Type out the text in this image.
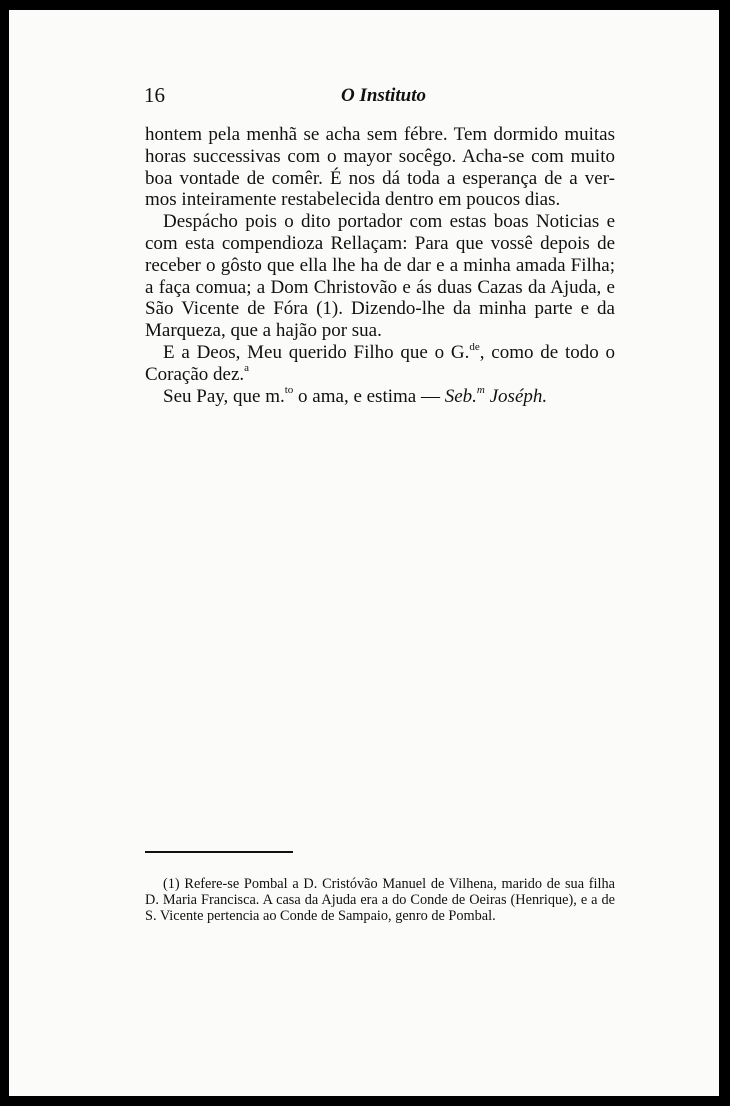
16	O Instituto

hontem pela menhã se acha sem fébre. Tem dormido muitas horas successivas com o mayor socêgo. Acha-se com muito boa vontade de comêr. É nos dá toda a esperança de a ver-mos inteiramente restabelecida dentro em poucos dias.

Despácho pois o dito portador com estas boas Noticias e com esta compendioza Rellaçam: Para que vossê depois de receber o gôsto que ella lhe ha de dar e a minha amada Filha; a faça comua; a Dom Christovão e ás duas Cazas da Ajuda, e São Vicente de Fóra (1). Dizendo-lhe da minha parte e da Marqueza, que a hajão por sua.

E a Deos, Meu querido Filho que o G.$^{de}$, como de todo o Coração dez.$^a$

Seu Pay, que m.$^{to}$ o ama, e estima — Seb.$^m$ Joséph.

(1) Refere-se Pombal a D. Cristóvão Manuel de Vilhena, marido de sua filha D. Maria Francisca. A casa da Ajuda era a do Conde de Oeiras (Henrique), e a de S. Vicente pertencia ao Conde de Sampaio, genro de Pombal.
